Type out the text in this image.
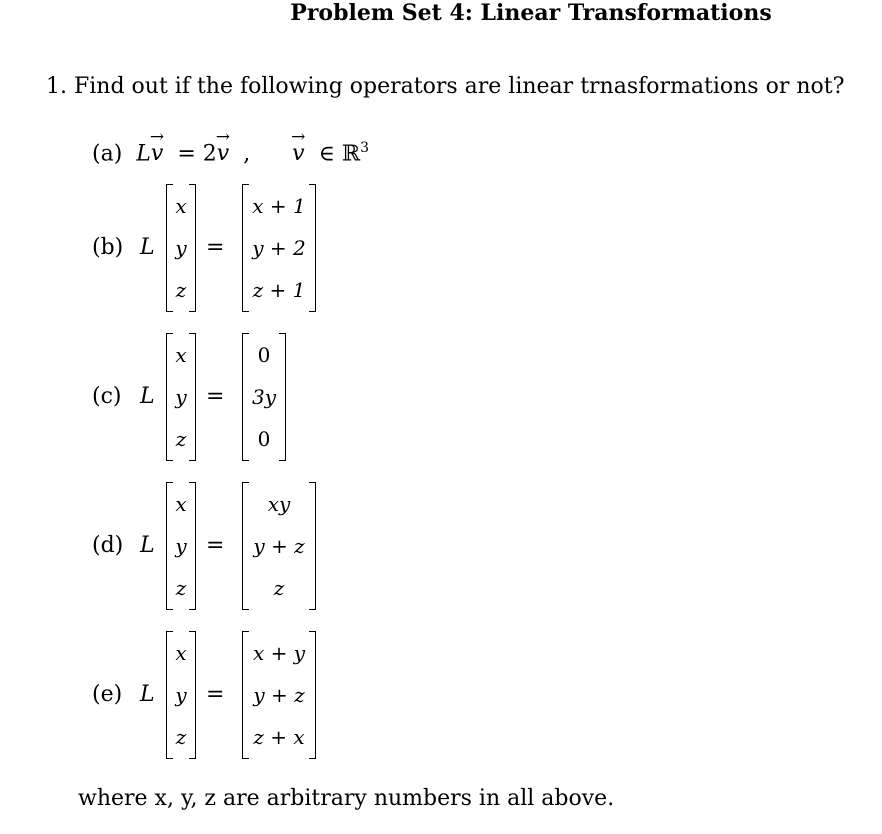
Problem Set 4: Linear Transformations
1. Find out if the following operators are linear trnasformations or not?
(a) L→ v  = 2→ v  ,      → v  ∈ ℝ$^3$
(b) L
x
y
z
=
x + 1
y + 2
z + 1
(c) L
x
y
z
=
0
3y
0
(d) L
x
y
z
=
xy
y + z
z
(e) L
x
y
z
=
x + y
y + z
z + x
where x, y, z are arbitrary numbers in all above.
